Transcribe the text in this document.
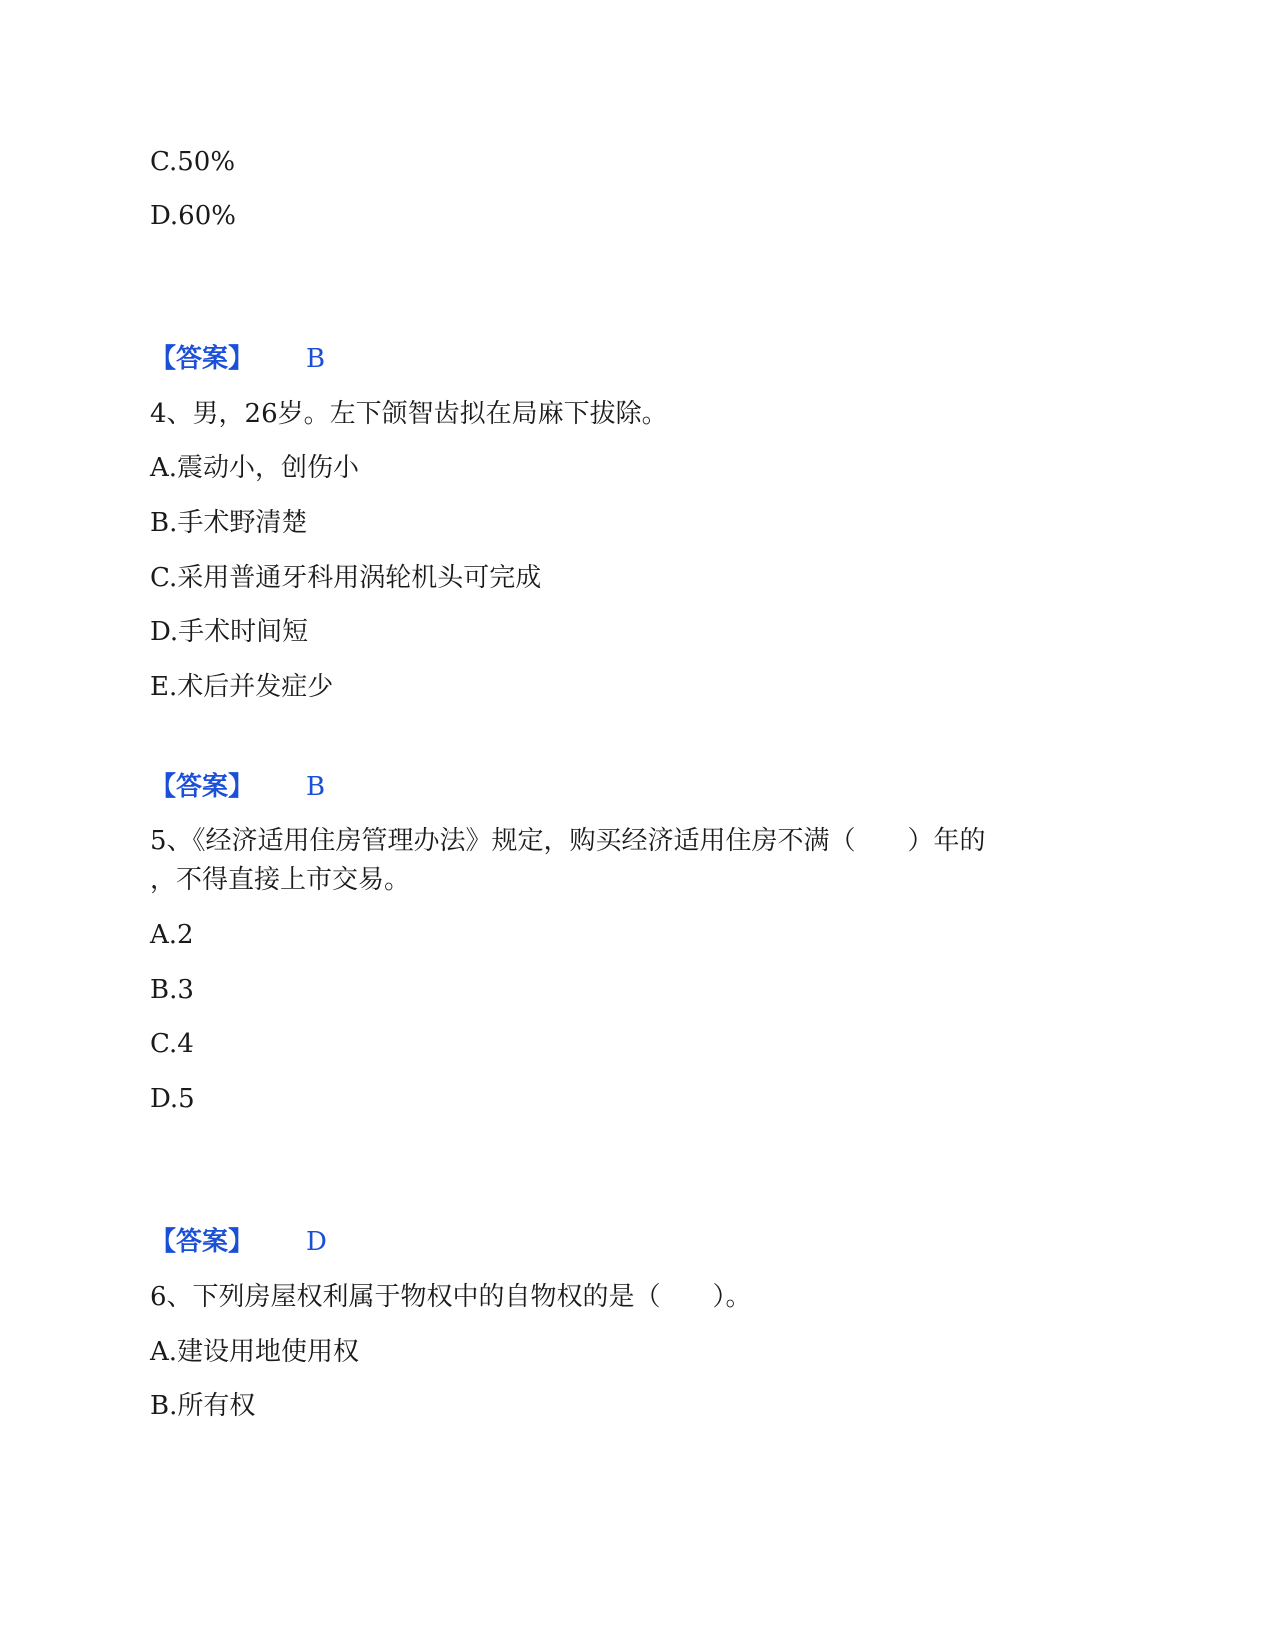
C.50%
D.60%
【答案】 B
4、男，26岁。左下颌智齿拟在局麻下拔除。
A.震动小，创伤小
B.手术野清楚
C.采用普通牙科用涡轮机头可完成
D.手术时间短
E.术后并发症少
【答案】 B
5、《经济适用住房管理办法》规定，购买经济适用住房不满（　　）年的
，不得直接上市交易。
A.2
B.3
C.4
D.5
【答案】 D
6、下列房屋权利属于物权中的自物权的是（　　）。
A.建设用地使用权
B.所有权
